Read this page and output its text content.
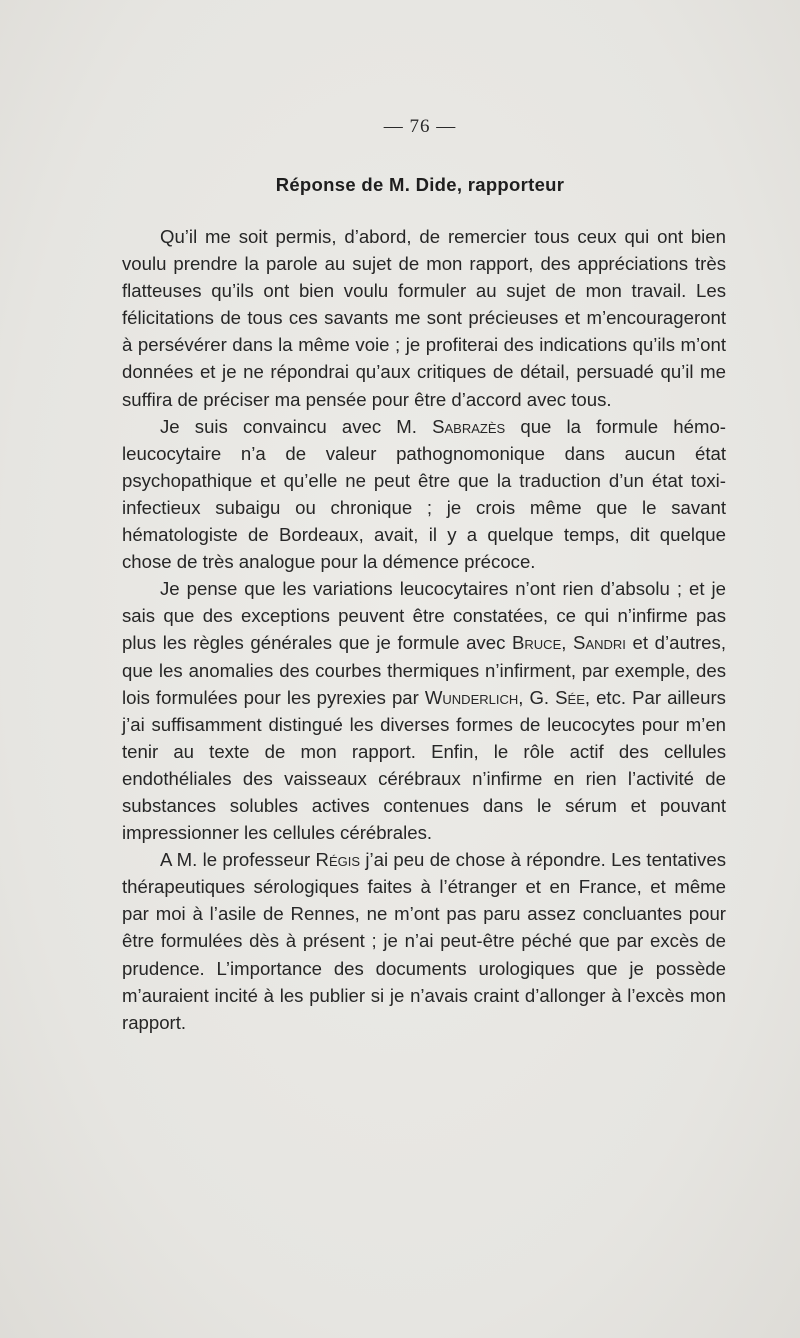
— 76 —
Réponse de M. Dide, rapporteur

Qu’il me soit permis, d’abord, de remercier tous ceux qui ont bien voulu prendre la parole au sujet de mon rapport, des appréciations très flatteuses qu’ils ont bien voulu formuler au sujet de mon travail. Les félicitations de tous ces savants me sont précieuses et m’encourageront à persévérer dans la même voie ; je profiterai des indications qu’ils m’ont données et je ne répondrai qu’aux critiques de détail, persuadé qu’il me suffira de préciser ma pensée pour être d’accord avec tous.

Je suis convaincu avec M. Sabrazès que la formule hémo-leucocytaire n’a de valeur pathognomonique dans aucun état psychopathique et qu’elle ne peut être que la traduction d’un état toxi-infectieux subaigu ou chronique ; je crois même que le savant hématologiste de Bordeaux, avait, il y a quelque temps, dit quelque chose de très analogue pour la démence précoce.

Je pense que les variations leucocytaires n’ont rien d’absolu ; et je sais que des exceptions peuvent être constatées, ce qui n’infirme pas plus les règles générales que je formule avec Bruce, Sandri et d’autres, que les anomalies des courbes thermiques n’infirment, par exemple, des lois formulées pour les pyrexies par Wunderlich, G. Sée, etc. Par ailleurs j’ai suffisamment distingué les diverses formes de leucocytes pour m’en tenir au texte de mon rapport. Enfin, le rôle actif des cellules endothéliales des vaisseaux cérébraux n’infirme en rien l’activité de substances solubles actives contenues dans le sérum et pouvant impressionner les cellules cérébrales.

A M. le professeur Régis j’ai peu de chose à répondre. Les tentatives thérapeutiques sérologiques faites à l’étranger et en France, et même par moi à l’asile de Rennes, ne m’ont pas paru assez concluantes pour être formulées dès à présent ; je n’ai peut-être péché que par excès de prudence. L’importance des documents urologiques que je possède m’auraient incité à les publier si je n’avais craint d’allonger à l’excès mon rapport.
